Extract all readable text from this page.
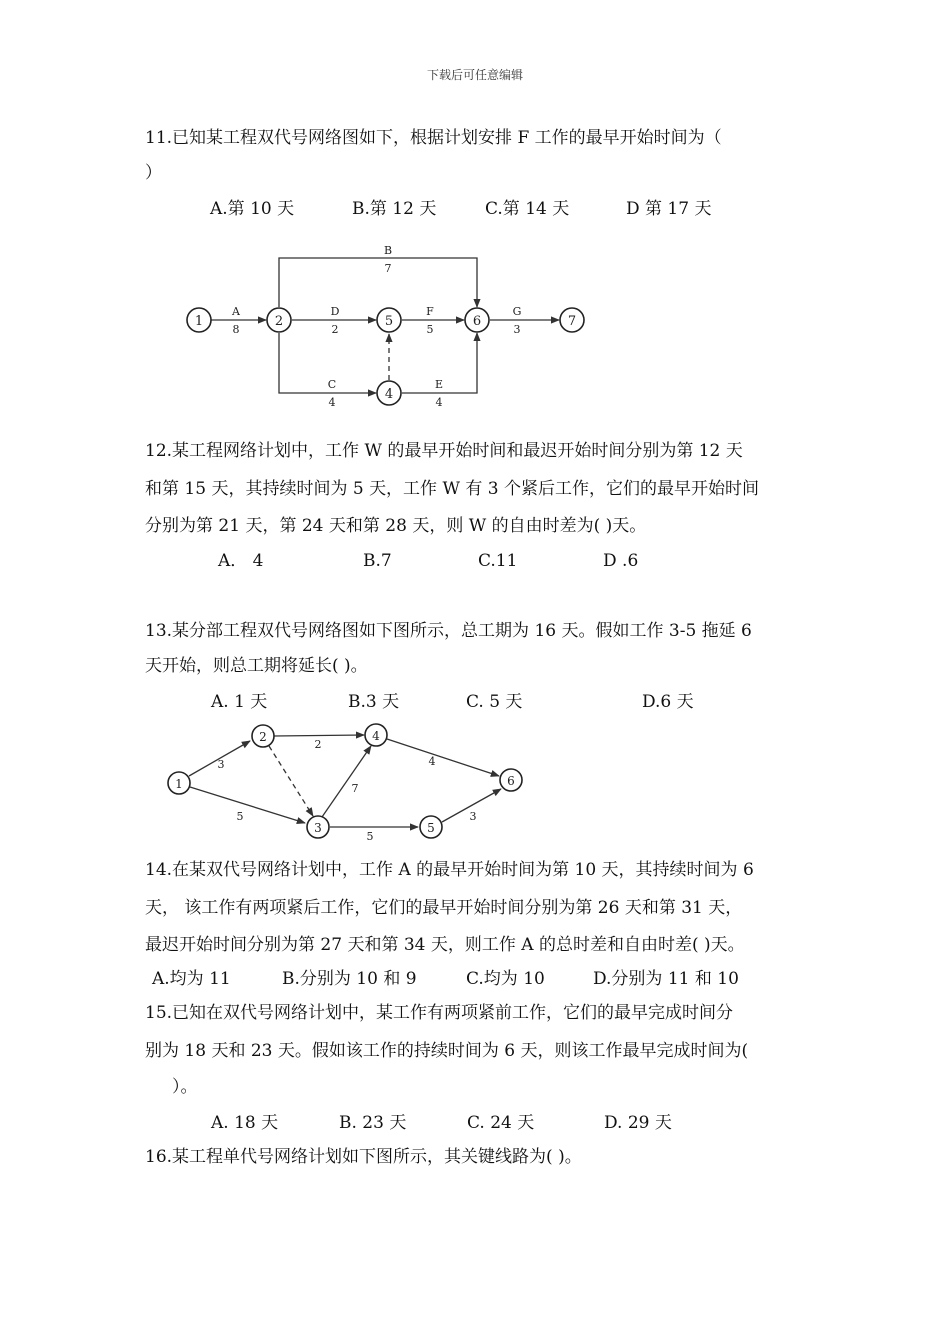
下载后可任意编辑
11.已知某工程双代号网络图如下，根据计划安排 F 工作的最早开始时间为（
）
A.第 10 天	B.第 12 天	C.第 14 天	D 第 17 天
1	2	5	6	7
4
A
8
B
7
D
2
F
5
G
3
C
4
E
4
12.某工程网络计划中，工作 W 的最早开始时间和最迟开始时间分别为第 12 天
和第 15 天，其持续时间为 5 天，工作 W 有 3 个紧后工作，它们的最早开始时间
分别为第 21 天，第 24 天和第 28 天，则 W 的自由时差为( )天。
A． 4	B.7	C.11	D .6
13.某分部工程双代号网络图如下图所示，总工期为 16 天。假如工作 3-5 拖延 6
天开始，则总工期将延长( )。
A. 1 天	B.3 天	C. 5 天	D.6 天
1
2
3
4
5
6
3
5
2
7
5
4
3
14.在某双代号网络计划中，工作 A 的最早开始时间为第 10 天，其持续时间为 6
天， 该工作有两项紧后工作，它们的最早开始时间分别为第 26 天和第 31 天，
最迟开始时间分别为第 27 天和第 34 天，则工作 A 的总时差和自由时差( )天。
A.均为 11	B.分别为 10 和 9	C.均为 10	D.分别为 11 和 10
15.已知在双代号网络计划中，某工作有两项紧前工作，它们的最早完成时间分
别为 18 天和 23 天。假如该工作的持续时间为 6 天，则该工作最早完成时间为(
）。
A. 18 天	B. 23 天	C. 24 天	D. 29 天
16.某工程单代号网络计划如下图所示，其关键线路为( )。
